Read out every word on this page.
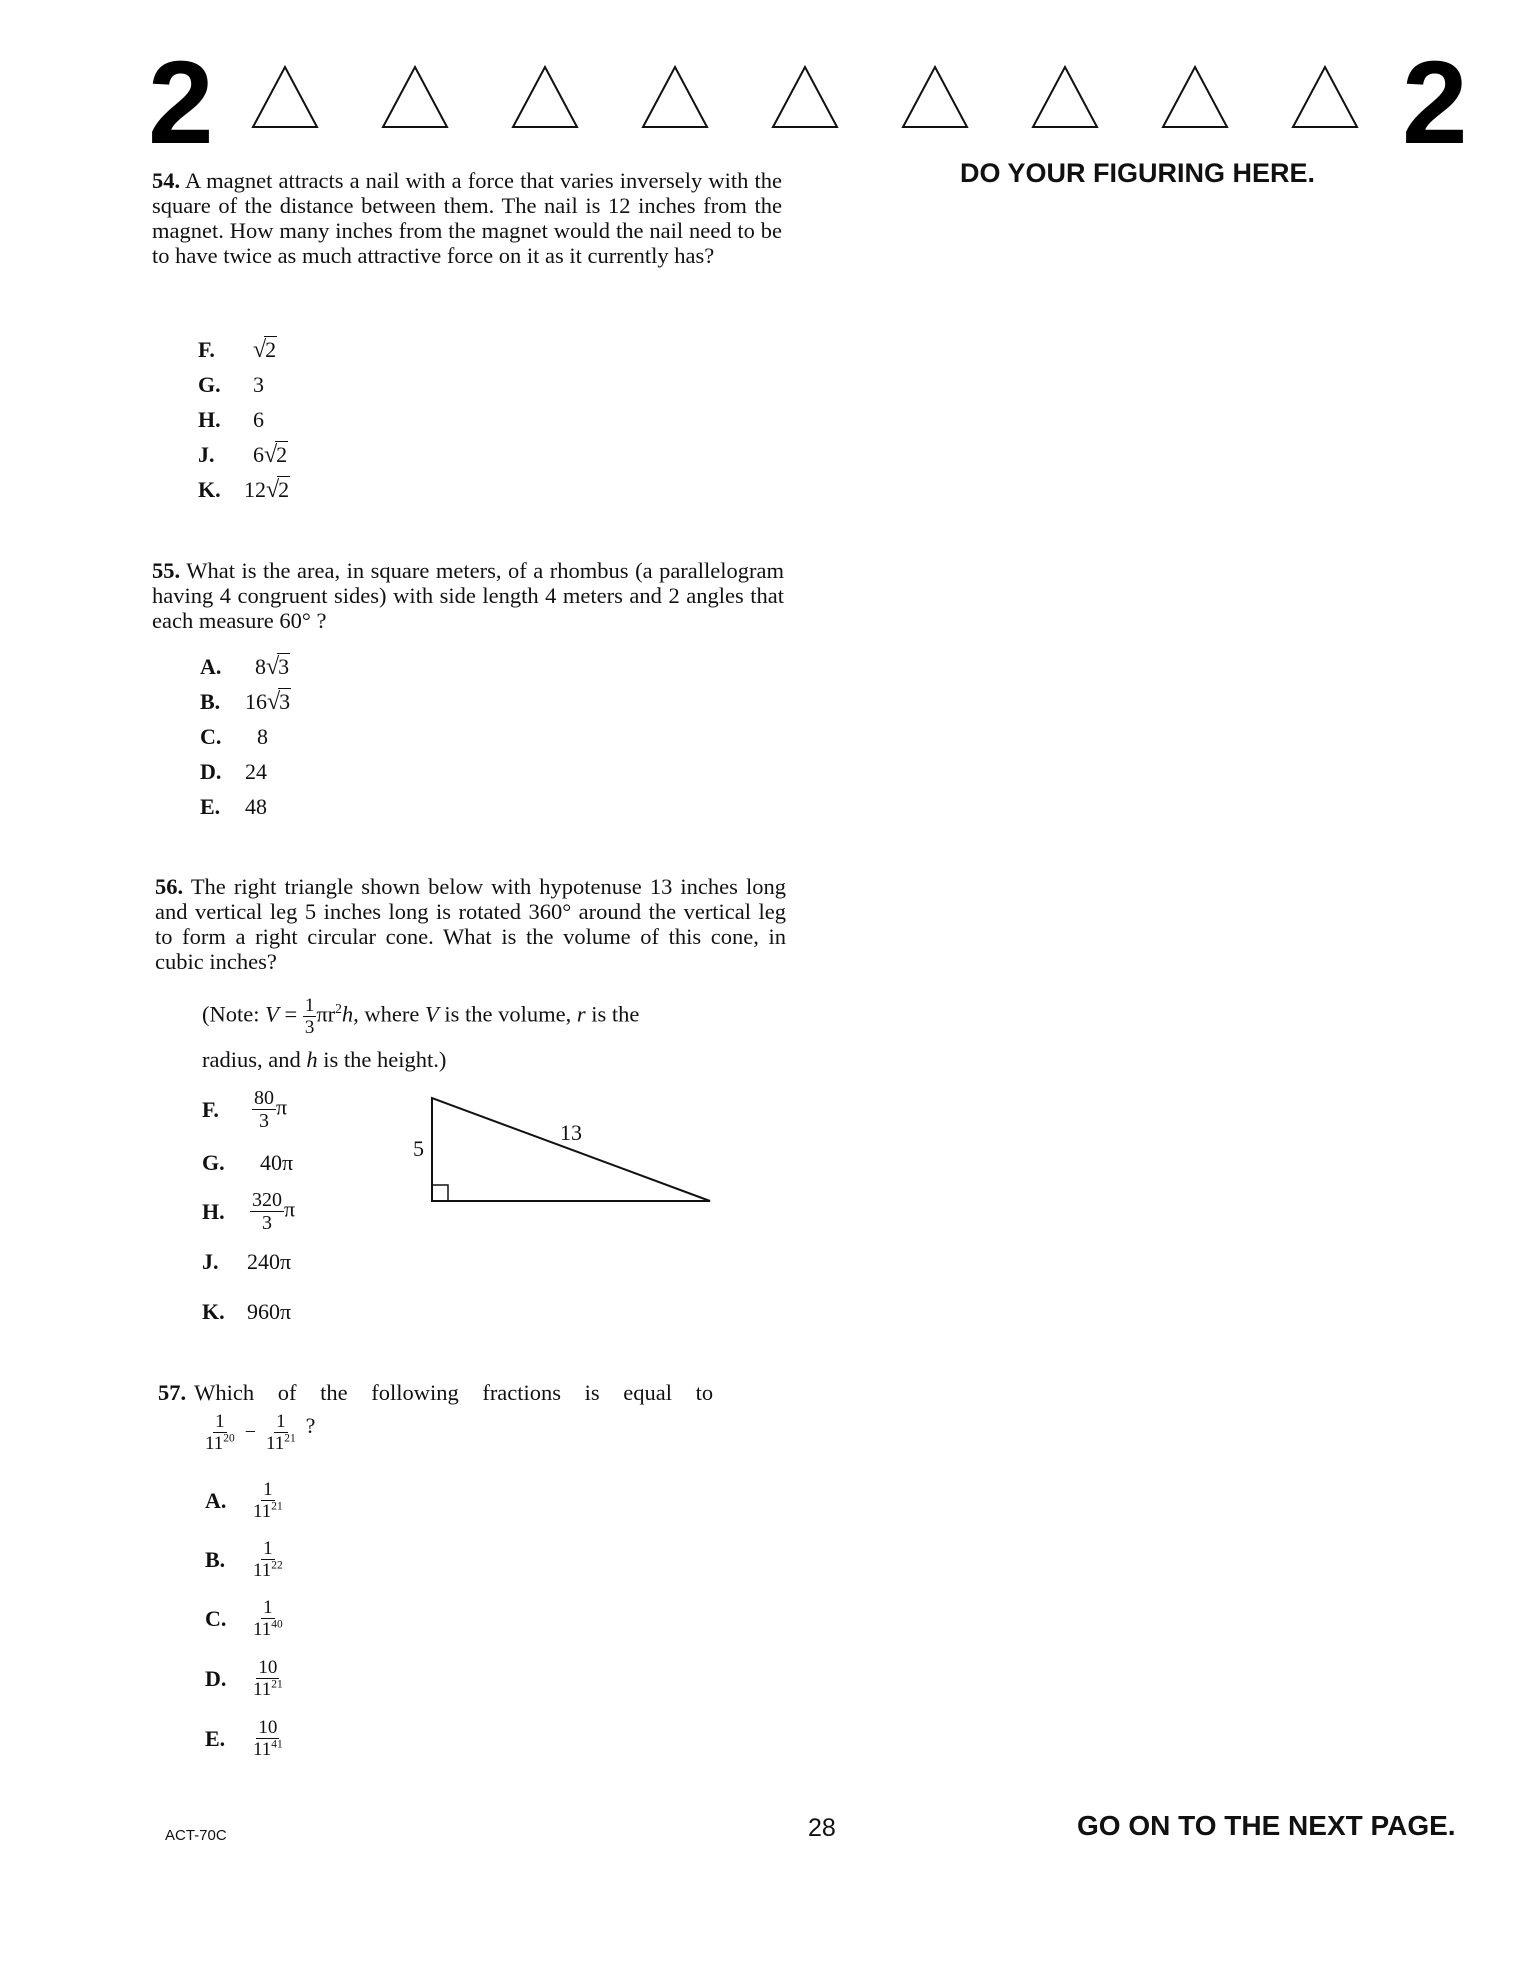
2	2
DO YOUR FIGURING HERE.
54. A magnet attracts a nail with a force that varies inversely with the square of the distance between them. The nail is 12 inches from the magnet. How many inches from the magnet would the nail need to be to have twice as much attractive force on it as it currently has?
F. √2
G. 3
H. 6
J. 6√2
K. 12√2
55. What is the area, in square meters, of a rhombus (a parallelogram having 4 congruent sides) with side length 4 meters and 2 angles that each measure 60° ?
A. 8√3
B. 16√3
C. 8
D. 24
E. 48
56. The right triangle shown below with hypotenuse 13 inches long and vertical leg 5 inches long is rotated 360° around the vertical leg to form a right circular cone. What is the volume of this cone, in cubic inches?
(Note: $V = \frac{1}{3} \pi r^2h$, where V is the volume, r is the
radius, and h is the height.)
F. $\frac{80}{3}$ π
G. 40π
H. $\frac{320}{3}$ π
J. 240π
K. 960π
5
13
57. Which of the following fractions is equal to
$\frac{1}{11^{20}} - \frac{1}{11^{21}}$ ?
A. $\frac{1}{11^{21}}$
B. $\frac{1}{11^{22}}$
C. $\frac{1}{11^{40}}$
D. $\frac{10}{11^{21}}$
E. $\frac{10}{11^{41}}$
ACT-70C	28	GO ON TO THE NEXT PAGE.
